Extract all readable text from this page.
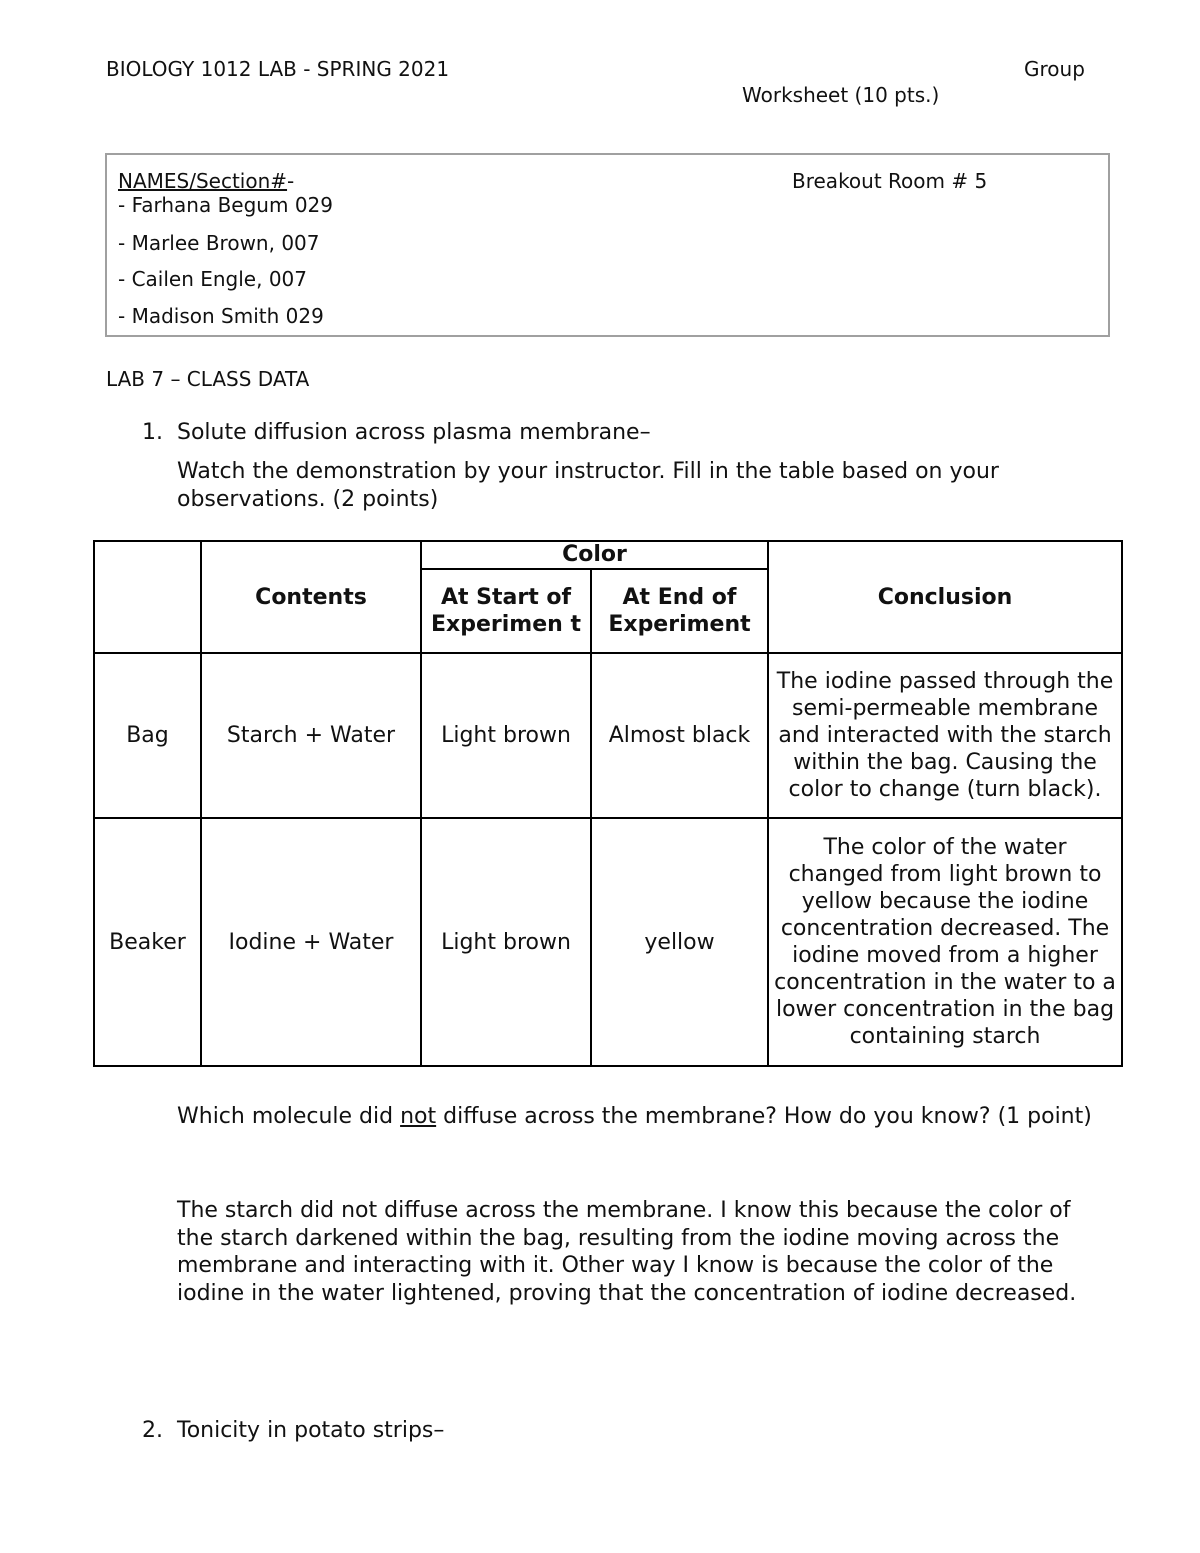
BIOLOGY 1012 LAB - SPRING 2021	Group
Worksheet (10 pts.)
NAMES/Section#-	Breakout Room # 5
- Farhana Begum 029
- Marlee Brown, 007
- Cailen Engle, 007
- Madison Smith 029
LAB 7 – CLASS DATA
1. Solute diffusion across plasma membrane–
Watch the demonstration by your instructor. Fill in the table based on your observations. (2 points)
	Contents	Color		Conclusion
		At Start of Experimen t	At End of Experiment	
Bag	Starch + Water	Light brown	Almost black	The iodine passed through the semi-permeable membrane and interacted with the starch within the bag. Causing the color to change (turn black).
Beaker	Iodine + Water	Light brown	yellow	The color of the water changed from light brown to yellow because the iodine concentration decreased. The iodine moved from a higher concentration in the water to a lower concentration in the bag containing starch
Which molecule did not diffuse across the membrane? How do you know? (1 point)
The starch did not diffuse across the membrane. I know this because the color of the starch darkened within the bag, resulting from the iodine moving across the membrane and interacting with it. Other way I know is because the color of the iodine in the water lightened, proving that the concentration of iodine decreased.
2. Tonicity in potato strips–
